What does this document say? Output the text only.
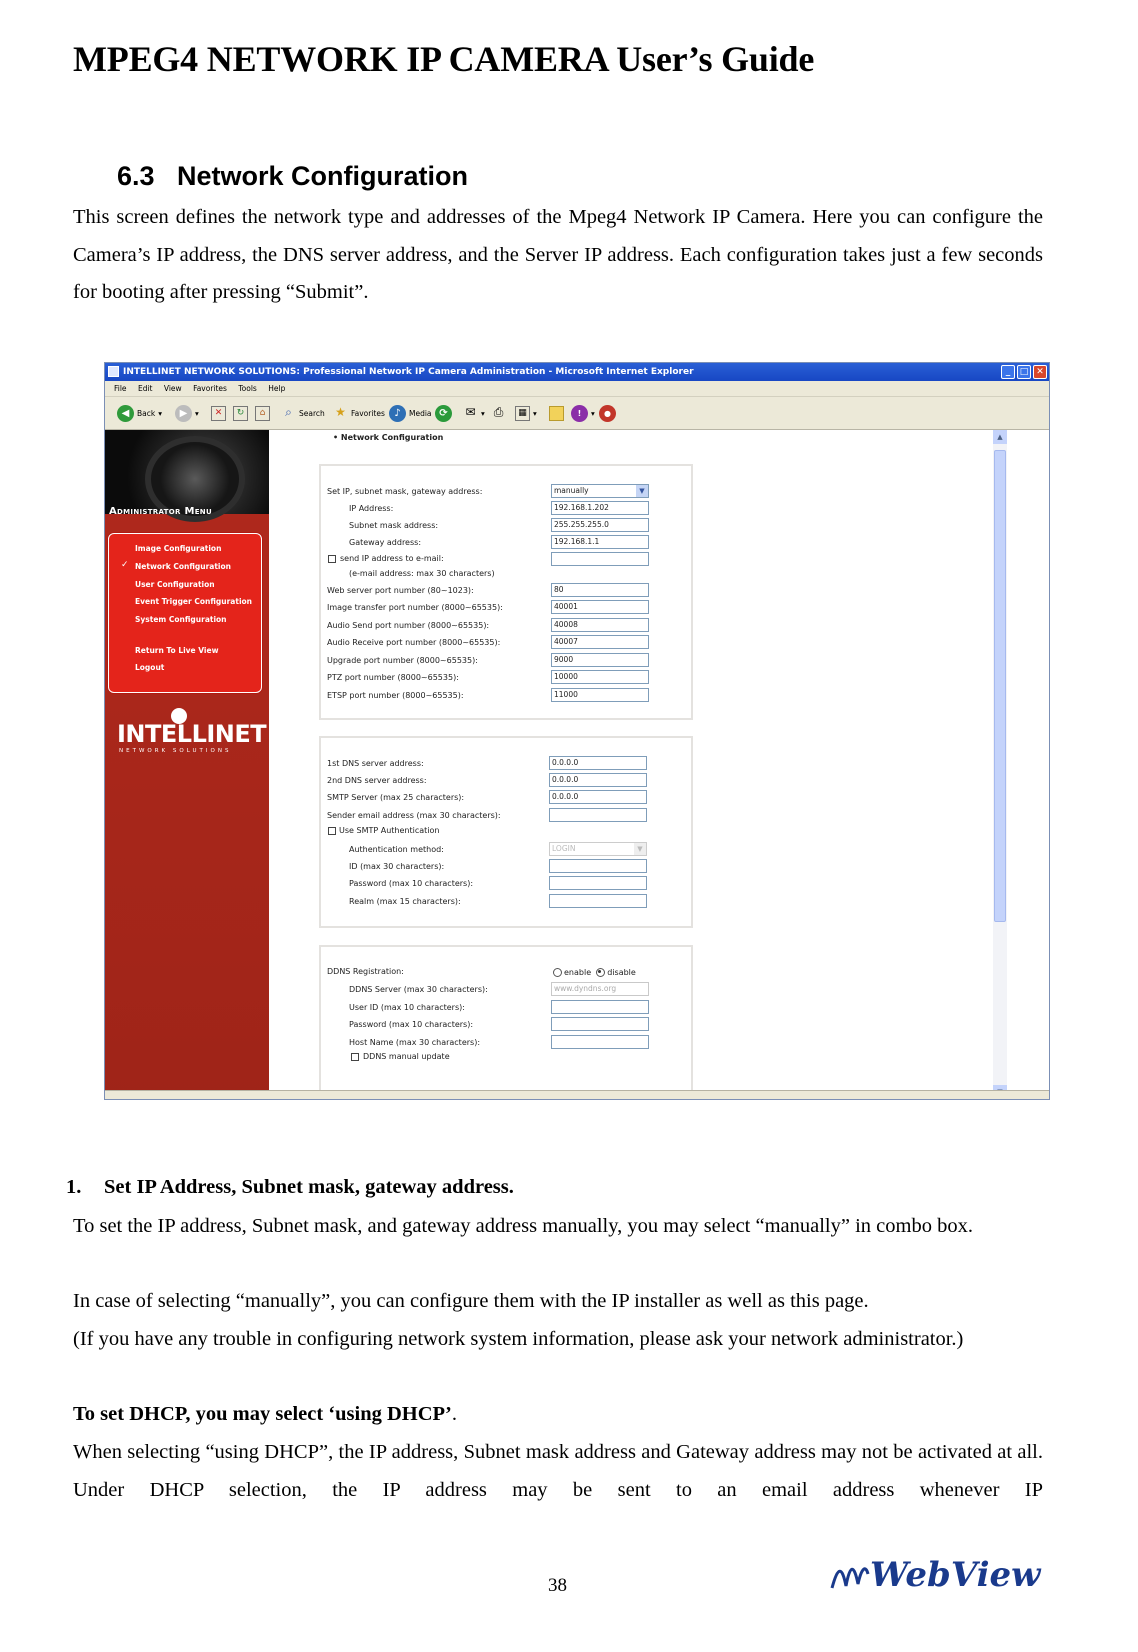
MPEG4 NETWORK IP CAMERA User’s Guide
6.3 Network Configuration
This screen defines the network type and addresses of the Mpeg4 Network IP Camera. Here you can configure the Camera’s IP address, the DNS server address, and the Server IP address. Each configuration takes just a few seconds for booting after pressing “Submit”.
INTELLINET NETWORK SOLUTIONS: Professional Network IP Camera Administration - Microsoft Internet Explorer	_	□ ✕
File Edit View Favorites Tools Help
◀	Back ▾	▶	▾	✕	↻	⌂	⌕ Search ★ Favorites ♪	Media ⟳	✉ ▾ ⎙	▦ ▾	!	▾	●
Administrator Menu
Image Configuration
✓ Network Configuration
User Configuration
Event Trigger Configuration
System Configuration
Return To Live View
Logout
INTELLINET
NETWORK SOLUTIONS
• Network Configuration
Set IP, subnet mask, gateway address:	manually	▼
IP Address:	192.168.1.202
Subnet mask address:	255.255.255.0
Gateway address:	192.168.1.1
send IP address to e-mail:
(e-mail address: max 30 characters)
Web server port number (80~1023):	80
Image transfer port number (8000~65535):	40001
Audio Send port number (8000~65535):	40008
Audio Receive port number (8000~65535):	40007
Upgrade port number (8000~65535):	9000
PTZ port number (8000~65535):	10000
ETSP port number (8000~65535):	11000
1st DNS server address:	0.0.0.0
2nd DNS server address:	0.0.0.0
SMTP Server (max 25 characters):	0.0.0.0
Sender email address (max 30 characters):
Use SMTP Authentication
Authentication method:	LOGIN	▼
ID (max 30 characters):
Password (max 10 characters):
Realm (max 15 characters):
DDNS Registration:	enable disable
DDNS Server (max 30 characters):	www.dyndns.org
User ID (max 10 characters):
Password (max 10 characters):
Host Name (max 30 characters):
DDNS manual update
▲
1. Set IP Address, Subnet mask, gateway address.
To set the IP address, Subnet mask, and gateway address manually, you may select “manually” in combo box.
In case of selecting “manually”, you can configure them with the IP installer as well as this page.
(If you have any trouble in configuring network system information, please ask your network administrator.)
To set DHCP, you may select ‘using DHCP’.
When selecting “using DHCP”, the IP address, Subnet mask address and Gateway address may not be activated at all. Under DHCP selection, the IP address may be sent to an email address whenever IP
38	WebView
